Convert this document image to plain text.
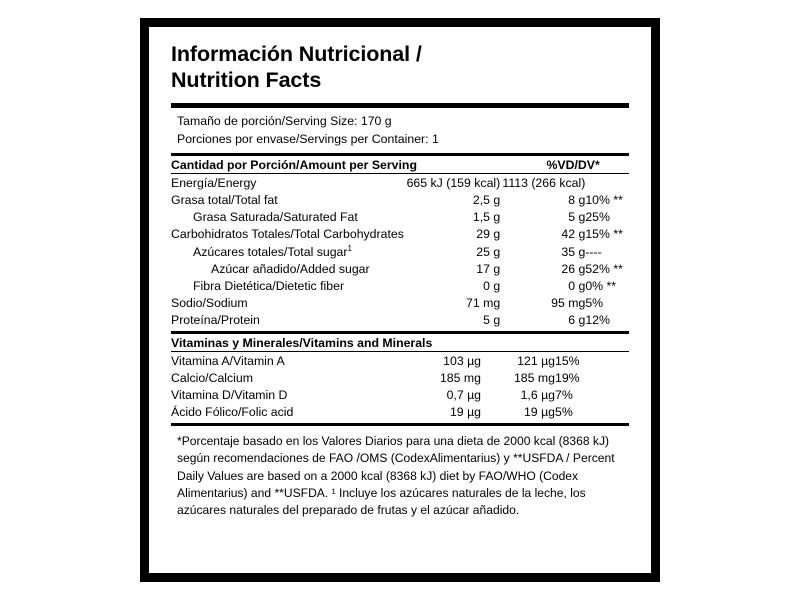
Información Nutricional /
Nutrition Facts
Tamaño de porción/Serving Size: 170 g
Porciones por envase/Servings per Container: 1
Cantidad por Porción/Amount per Serving	%VD/DV*
Energía/Energy	665 kJ (159 kcal)	1113 (266 kcal)	
Grasa total/Total fat	2,5 g	8 g	10% **
Grasa Saturada/Saturated Fat	1,5 g	5 g	25%
Carbohidratos Totales/Total Carbohydrates	29 g	42 g	15% **
Azúcares totales/Total sugar$^1$	25 g	35 g	----
Azúcar añadido/Added sugar	17 g	26 g	52% **
Fibra Dietética/Dietetic fiber	0 g	0 g	0% **
Sodio/Sodium	71 mg	95 mg	5%
Proteína/Protein	5 g	6 g	12%
Vitaminas y Minerales/Vitamins and Minerals
Vitamina A/Vitamin A	103 µg	121 µg	15%
Calcio/Calcium	185 mg	185 mg	19%
Vitamina D/Vitamin D	0,7 µg	1,6 µg	7%
Ácido Fólico/Folic acid	19 µg	19 µg	5%
*Porcentaje basado en los Valores Diarios para una dieta de 2000 kcal (8368 kJ) según recomendaciones de FAO /OMS (CodexAlimentarius) y **USFDA / Percent Daily Values are based on a 2000 kcal (8368 kJ) diet by FAO/WHO (Codex Alimentarius) and **USFDA. ¹ Incluye los azúcares naturales de la leche, los azúcares naturales del preparado de frutas y el azúcar añadido.
